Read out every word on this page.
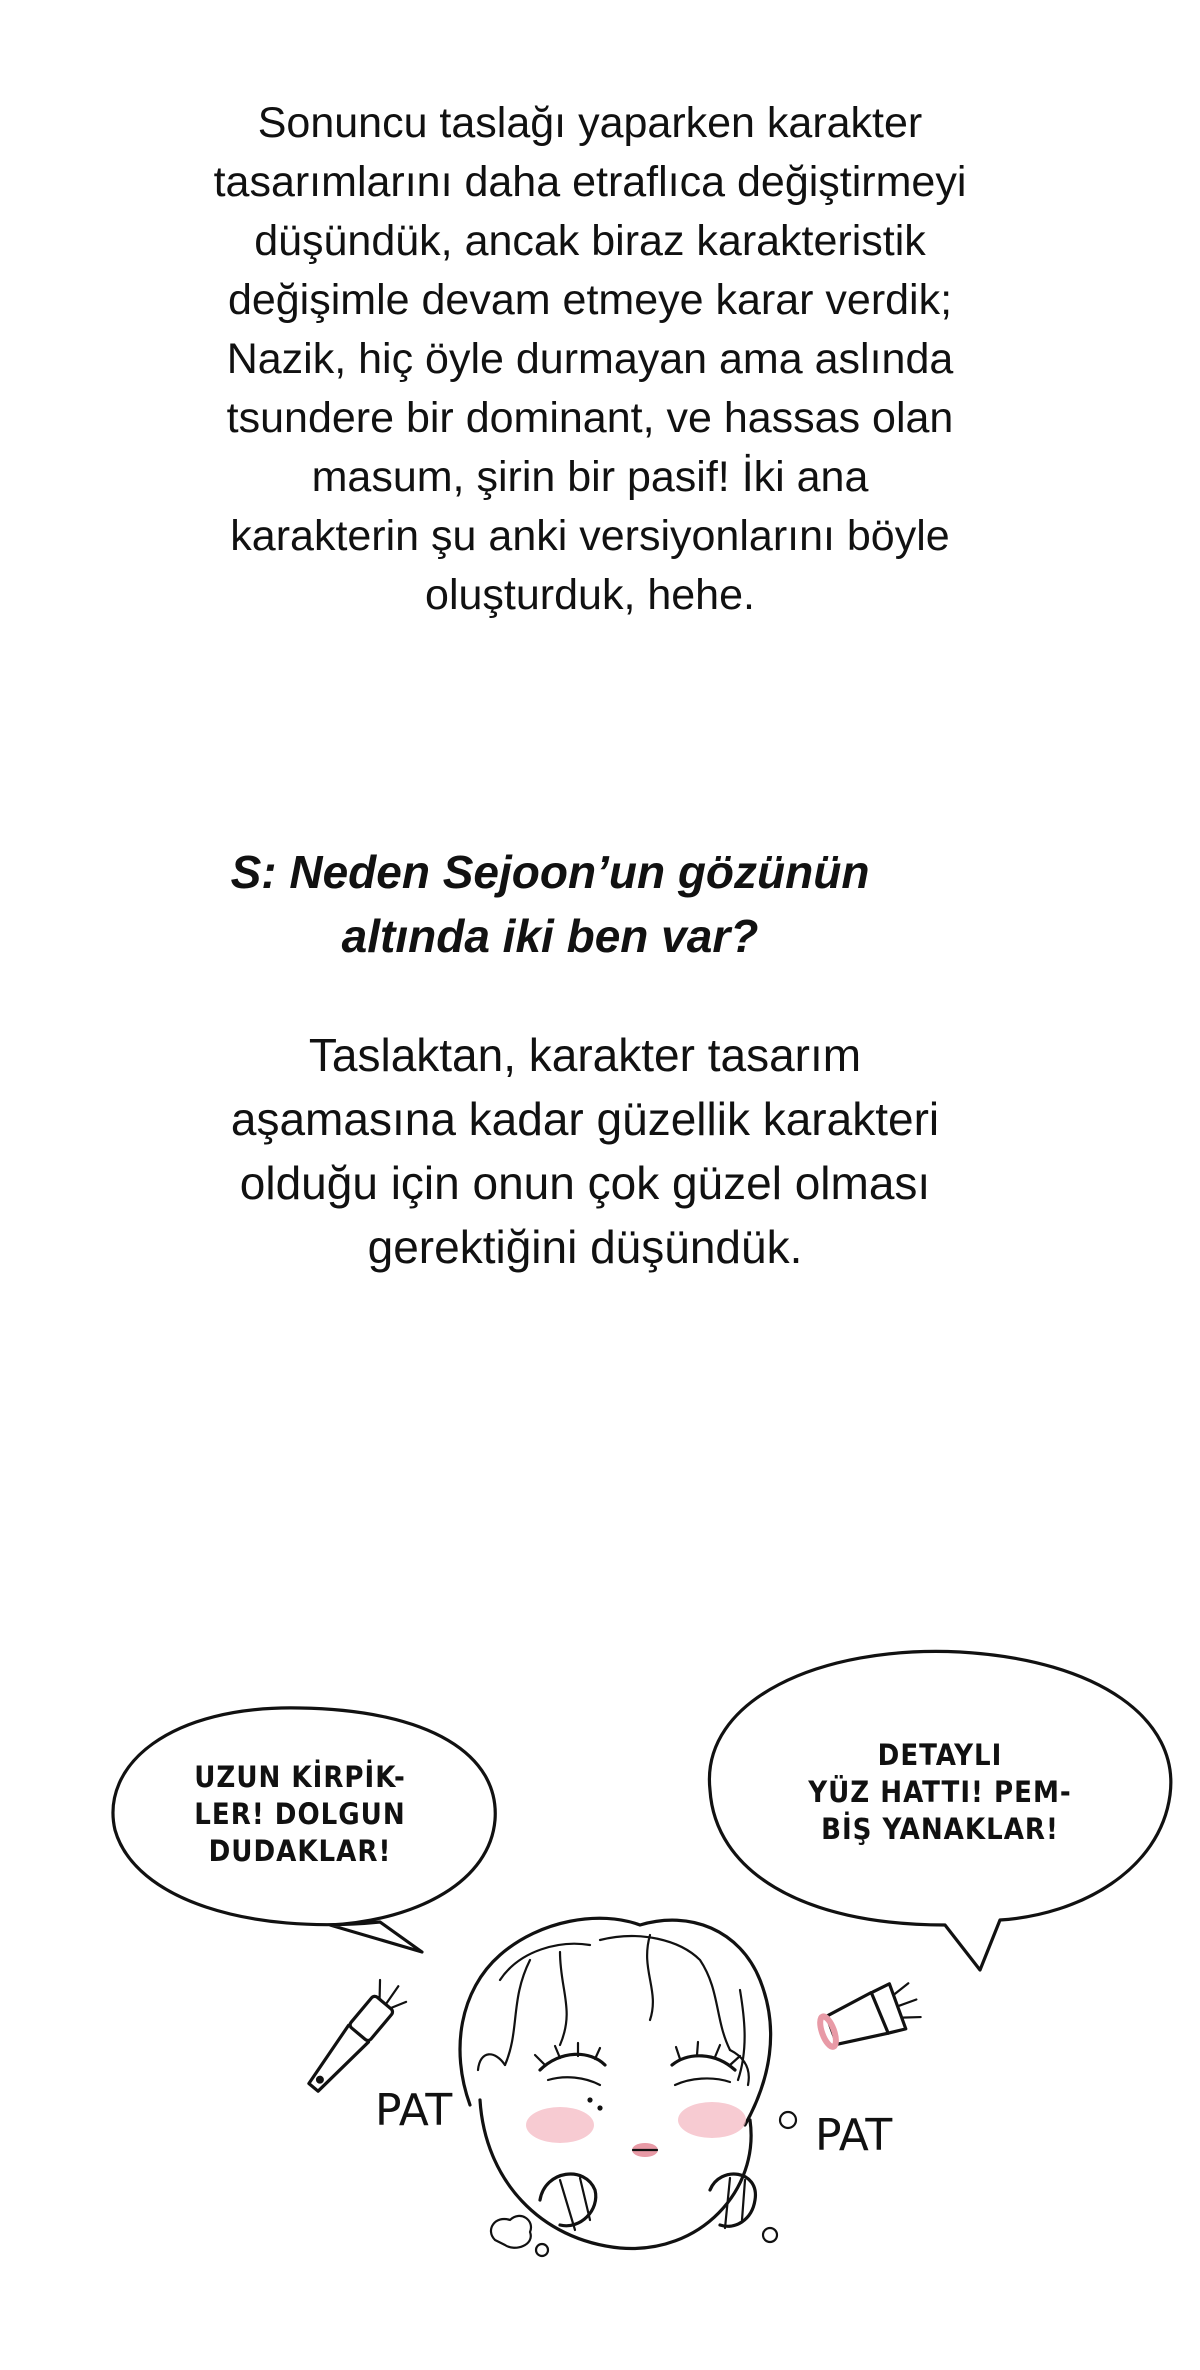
Sonuncu taslağı yaparken karakter
tasarımlarını daha etraflıca değiştirmeyi
düşündük, ancak biraz karakteristik
değişimle devam etmeye karar verdik;
Nazik, hiç öyle durmayan ama aslında
tsundere bir dominant, ve hassas olan
masum, şirin bir pasif! İki ana
karakterin şu anki versiyonlarını böyle
oluşturduk, hehe.

S: Neden Sejoon’un gözünün
altında iki ben var?

Taslaktan, karakter tasarım
aşamasına kadar güzellik karakteri
olduğu için onun çok güzel olması
gerektiğini düşündük.

UZUN KİRPİK-
LER! DOLGUN
DUDAKLAR!
DETAYLI
YÜZ HATTI! PEM-
BİŞ YANAKLAR!
PAT	PAT
